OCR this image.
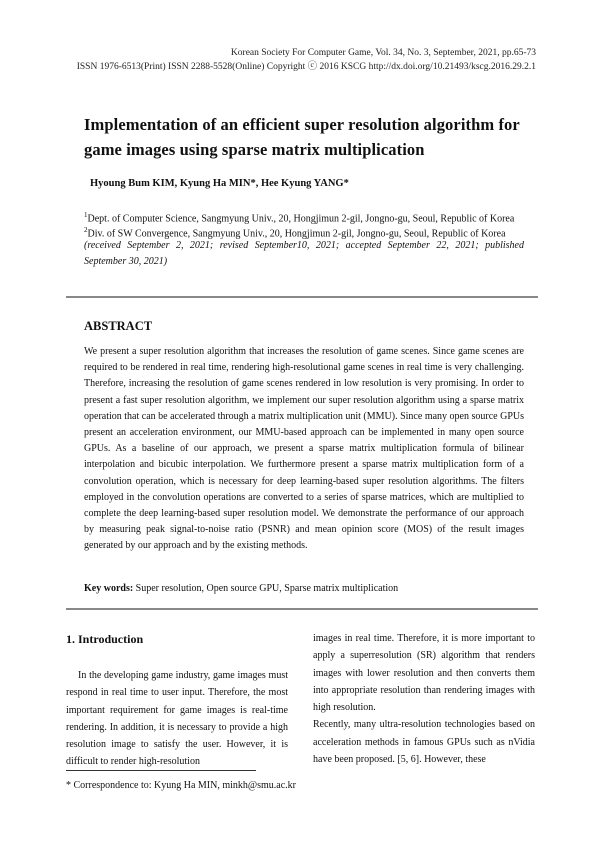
Korean Society For Computer Game, Vol. 34, No. 3, September, 2021, pp.65-73
ISSN 1976-6513(Print) ISSN 2288-5528(Online) Copyright ⓒ 2016 KSCG http://dx.doi.org/10.21493/kscg.2016.29.2.1
Implementation of an efficient super resolution algorithm for game images using sparse matrix multiplication
Hyoung Bum KIM, Kyung Ha MIN*, Hee Kyung YANG*
$^1$Dept. of Computer Science, Sangmyung Univ., 20, Hongjimun 2-gil, Jongno-gu, Seoul, Republic of Korea
$^2$Div. of SW Convergence, Sangmyung Univ., 20, Hongjimun 2-gil, Jongno-gu, Seoul, Republic of Korea
(received September 2, 2021; revised September10, 2021; accepted September 22, 2021; published September 30, 2021)
ABSTRACT

We present a super resolution algorithm that increases the resolution of game scenes. Since game scenes are required to be rendered in real time, rendering high-resolutional game scenes in real time is very challenging. Therefore, increasing the resolution of game scenes rendered in low resolution is very promising. In order to present a fast super resolution algorithm, we implement our super resolution algorithm using a sparse matrix operation that can be accelerated through a matrix multiplication unit (MMU). Since many open source GPUs present an acceleration environment, our MMU-based approach can be implemented in many open source GPUs. As a baseline of our approach, we present a sparse matrix multiplication formula of bilinear interpolation and bicubic interpolation. We furthermore present a sparse matrix multiplication form of a convolution operation, which is necessary for deep learning-based super resolution algorithms. The filters employed in the convolution operations are converted to a series of sparse matrices, which are multiplied to complete the deep learning-based super resolution model. We demonstrate the performance of our approach by measuring peak signal-to-noise ratio (PSNR) and mean opinion score (MOS) of the result images generated by our approach and by the existing methods.

Key words: Super resolution, Open source GPU, Sparse matrix multiplication
1. Introduction

In the developing game industry, game images must respond in real time to user input. Therefore, the most important requirement for game images is real-time rendering. In addition, it is necessary to provide a high resolution image to satisfy the user. However, it is difficult to render high-resolution

images in real time. Therefore, it is more important to apply a superresolution (SR) algorithm that renders images with lower resolution and then converts them into appropriate resolution than rendering images with high resolution.
Recently, many ultra-resolution technologies based on acceleration methods in famous GPUs such as nVidia have been proposed. [5, 6]. However, these
* Correspondence to: Kyung Ha MIN, minkh@smu.ac.kr
